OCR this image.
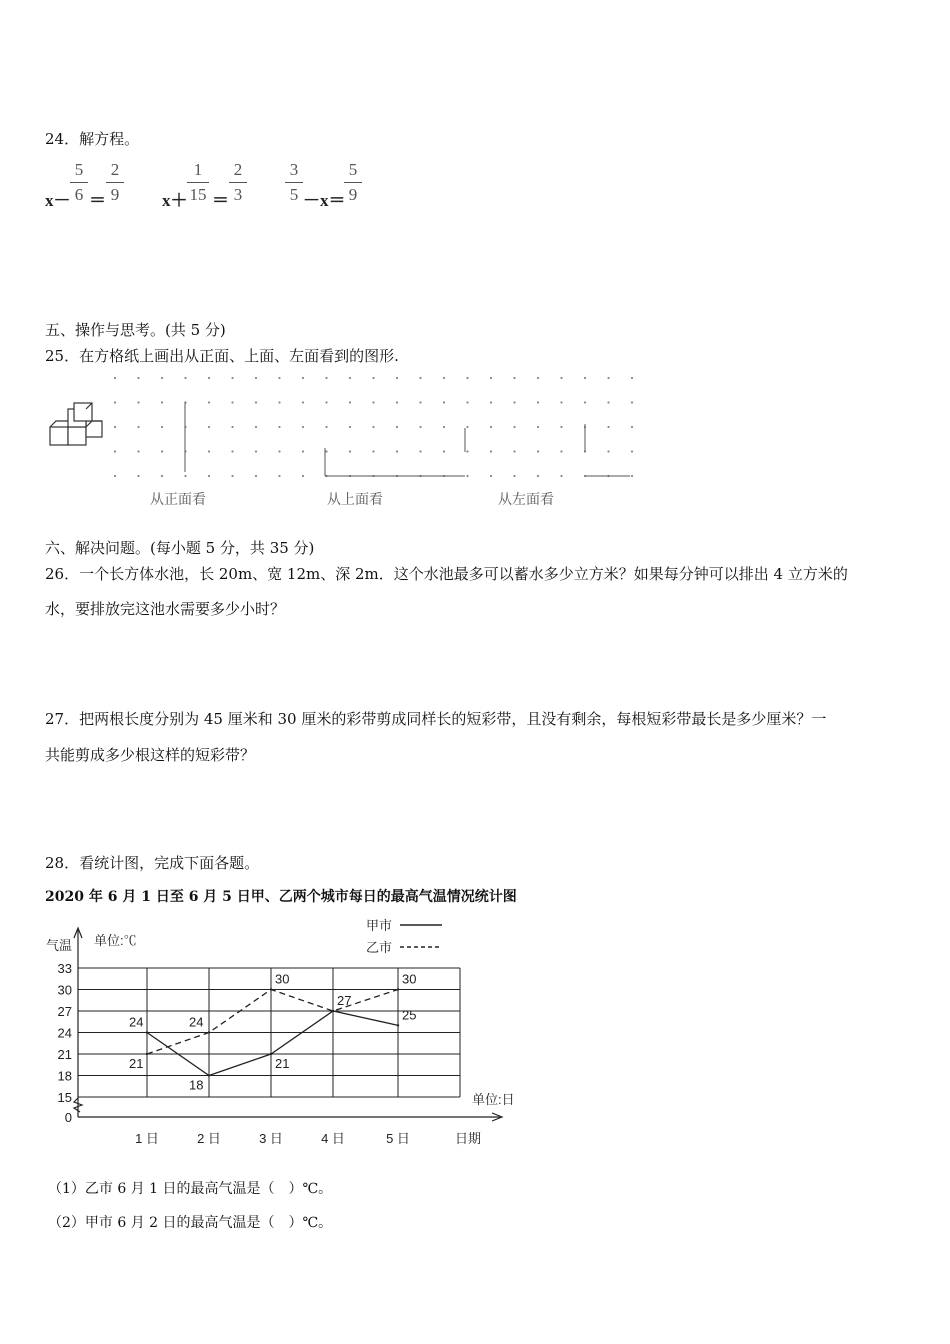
24．解方程。
x－
5
6 ＝
2
9	x＋
1
15 ＝
2
3
3
5 －x＝
5
9
五、操作与思考。(共 5 分)
25．在方格纸上画出从正面、上面、左面看到的图形.
从正面看	从上面看	从左面看
六、解决问题。(每小题 5 分，共 35 分)
26．一个长方体水池，长 20m、宽 12m、深 2m．这个水池最多可以蓄水多少立方米？如果每分钟可以排出 4 立方米的
水，要排放完这池水需要多少小时？
27．把两根长度分别为 45 厘米和 30 厘米的彩带剪成同样长的短彩带，且没有剩余，每根短彩带最长是多少厘米？一
共能剪成多少根这样的短彩带？
28．看统计图，完成下面各题。
2020 年 6 月 1 日至 6 月 5 日甲、乙两个城市每日的最高气温情况统计图
0
15
18
21
24
27
30
33
1 日	2 日	3 日	4 日	5 日	日期
单位:日
气温 单位:℃
甲市
乙市
24
21
24
18
30
21
27
30
25
（1）乙市 6 月 1 日的最高气温是（　）℃。
（2）甲市 6 月 2 日的最高气温是（　）℃。
